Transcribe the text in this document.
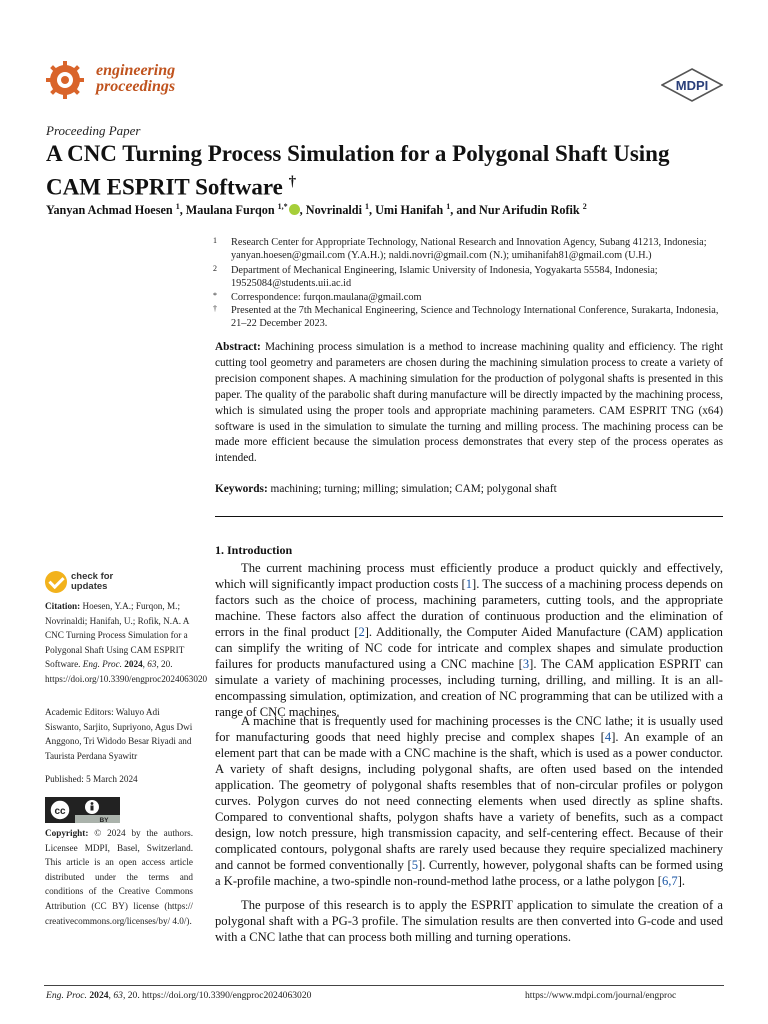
engineering
proceedings	MDPI
Proceeding Paper
A CNC Turning Process Simulation for a Polygonal Shaft Using
CAM ESPRIT Software †
Yanyan Achmad Hoesen $^1$, Maulana Furqon $^{1,*}$ , Novrinaldi $^1$, Umi Hanifah $^1$, and Nur Arifudin Rofik $^2$
1 Research Center for Appropriate Technology, National Research and Innovation Agency, Subang 41213, Indonesia; yanyan.hoesen@gmail.com (Y.A.H.); naldi.novri@gmail.com (N.); umihanifah81@gmail.com (U.H.)
2 Department of Mechanical Engineering, Islamic University of Indonesia, Yogyakarta 55584, Indonesia; 19525084@students.uii.ac.id
* Correspondence: furqon.maulana@gmail.com
† Presented at the 7th Mechanical Engineering, Science and Technology International Conference, Surakarta, Indonesia, 21–22 December 2023.
Abstract: Machining process simulation is a method to increase machining quality and efficiency. The right cutting tool geometry and parameters are chosen during the machining simulation process to create a variety of precision component shapes. A machining simulation for the production of polygonal shafts is presented in this paper. The quality of the parabolic shaft during manufacture will be directly impacted by the machining process, which is simulated using the proper tools and appropriate machining parameters. CAM ESPRIT TNG (x64) software is used in the simulation to simulate the turning and milling process. The machining process can be made more efficient because the simulation process demonstrates that every step of the process operates as intended.
Keywords: machining; turning; milling; simulation; CAM; polygonal shaft
1. Introduction
The current machining process must efficiently produce a product quickly and effectively, which will significantly impact production costs [1]. The success of a machining process depends on factors such as the choice of process, machining parameters, cutting tools, and the appropriate machine. These factors also affect the duration of continuous production and the elimination of errors in the final product [2]. Additionally, the Computer Aided Manufacture (CAM) application can simplify the writing of NC code for intricate and complex shapes and simulate production failures for products manufactured using a CNC machine [3]. The CAM application ESPRIT can simulate a variety of machining processes, including turning, drilling, and milling. It is an all-encompassing simulation, optimization, and creation of NC programming that can be utilized with a range of CNC machines.
A machine that is frequently used for machining processes is the CNC lathe; it is usually used for manufacturing goods that need highly precise and complex shapes [4]. An example of an element part that can be made with a CNC machine is the shaft, which is used as a power conductor. A variety of shaft designs, including polygonal shafts, are often used based on the intended application. The geometry of polygonal shafts resembles that of non-circular profiles or polygon curves. Polygon curves do not need connecting elements when used directly as spline shafts. Compared to conventional shafts, polygon shafts have a variety of benefits, such as a compact design, low notch pressure, high transmission capacity, and self-centering effect. Because of their complicated contours, polygonal shafts are rarely used because they require specialized machinery and cannot be formed conventionally [5]. Currently, however, polygonal shafts can be formed using a K-profile machine, a two-spindle non-round-method lathe process, or a lathe polygon [6,7].
The purpose of this research is to apply the ESPRIT application to simulate the creation of a polygonal shaft with a PG-3 profile. The simulation results are then converted into G-code and used with a CNC lathe that can process both milling and turning operations.
check for
updates
Citation: Hoesen, Y.A.; Furqon, M.; Novrinaldi; Hanifah, U.; Rofik, N.A. A CNC Turning Process Simulation for a Polygonal Shaft Using CAM ESPRIT Software. Eng. Proc. 2024, 63, 20. https://doi.org/10.3390/engproc2024063020
Academic Editors: Waluyo Adi Siswanto, Sarjito, Supriyono, Agus Dwi Anggono, Tri Widodo Besar Riyadi and Taurista Perdana Syawitr
Published: 5 March 2024
cc
BY
Copyright: © 2024 by the authors. Licensee MDPI, Basel, Switzerland. This article is an open access article distributed under the terms and conditions of the Creative Commons Attribution (CC BY) license (https:// creativecommons.org/licenses/by/ 4.0/).
Eng. Proc. 2024, 63, 20. https://doi.org/10.3390/engproc2024063020	https://www.mdpi.com/journal/engproc
